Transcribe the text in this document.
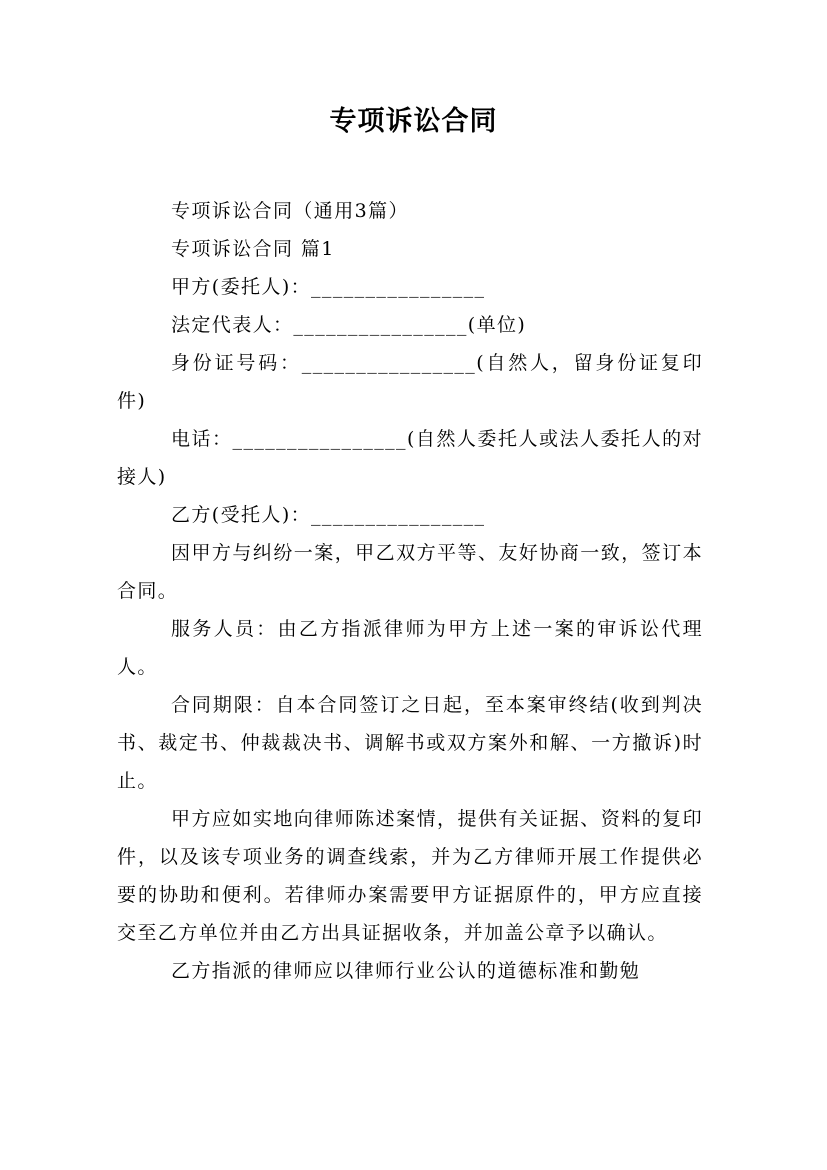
专项诉讼合同

专项诉讼合同（通用3篇）

专项诉讼合同 篇1

甲方(委托人)：________________

法定代表人：________________(单位)

身份证号码：________________(自然人，留身份证复印件)

电话：________________(自然人委托人或法人委托人的对接人)

乙方(受托人)：________________

因甲方与纠纷一案，甲乙双方平等、友好协商一致，签订本合同。

服务人员：由乙方指派律师为甲方上述一案的审诉讼代理人。

合同期限：自本合同签订之日起，至本案审终结(收到判决书、裁定书、仲裁裁决书、调解书或双方案外和解、一方撤诉)时止。

甲方应如实地向律师陈述案情，提供有关证据、资料的复印件，以及该专项业务的调查线索，并为乙方律师开展工作提供必要的协助和便利。若律师办案需要甲方证据原件的，甲方应直接交至乙方单位并由乙方出具证据收条，并加盖公章予以确认。

乙方指派的律师应以律师行业公认的道德标准和勤勉
